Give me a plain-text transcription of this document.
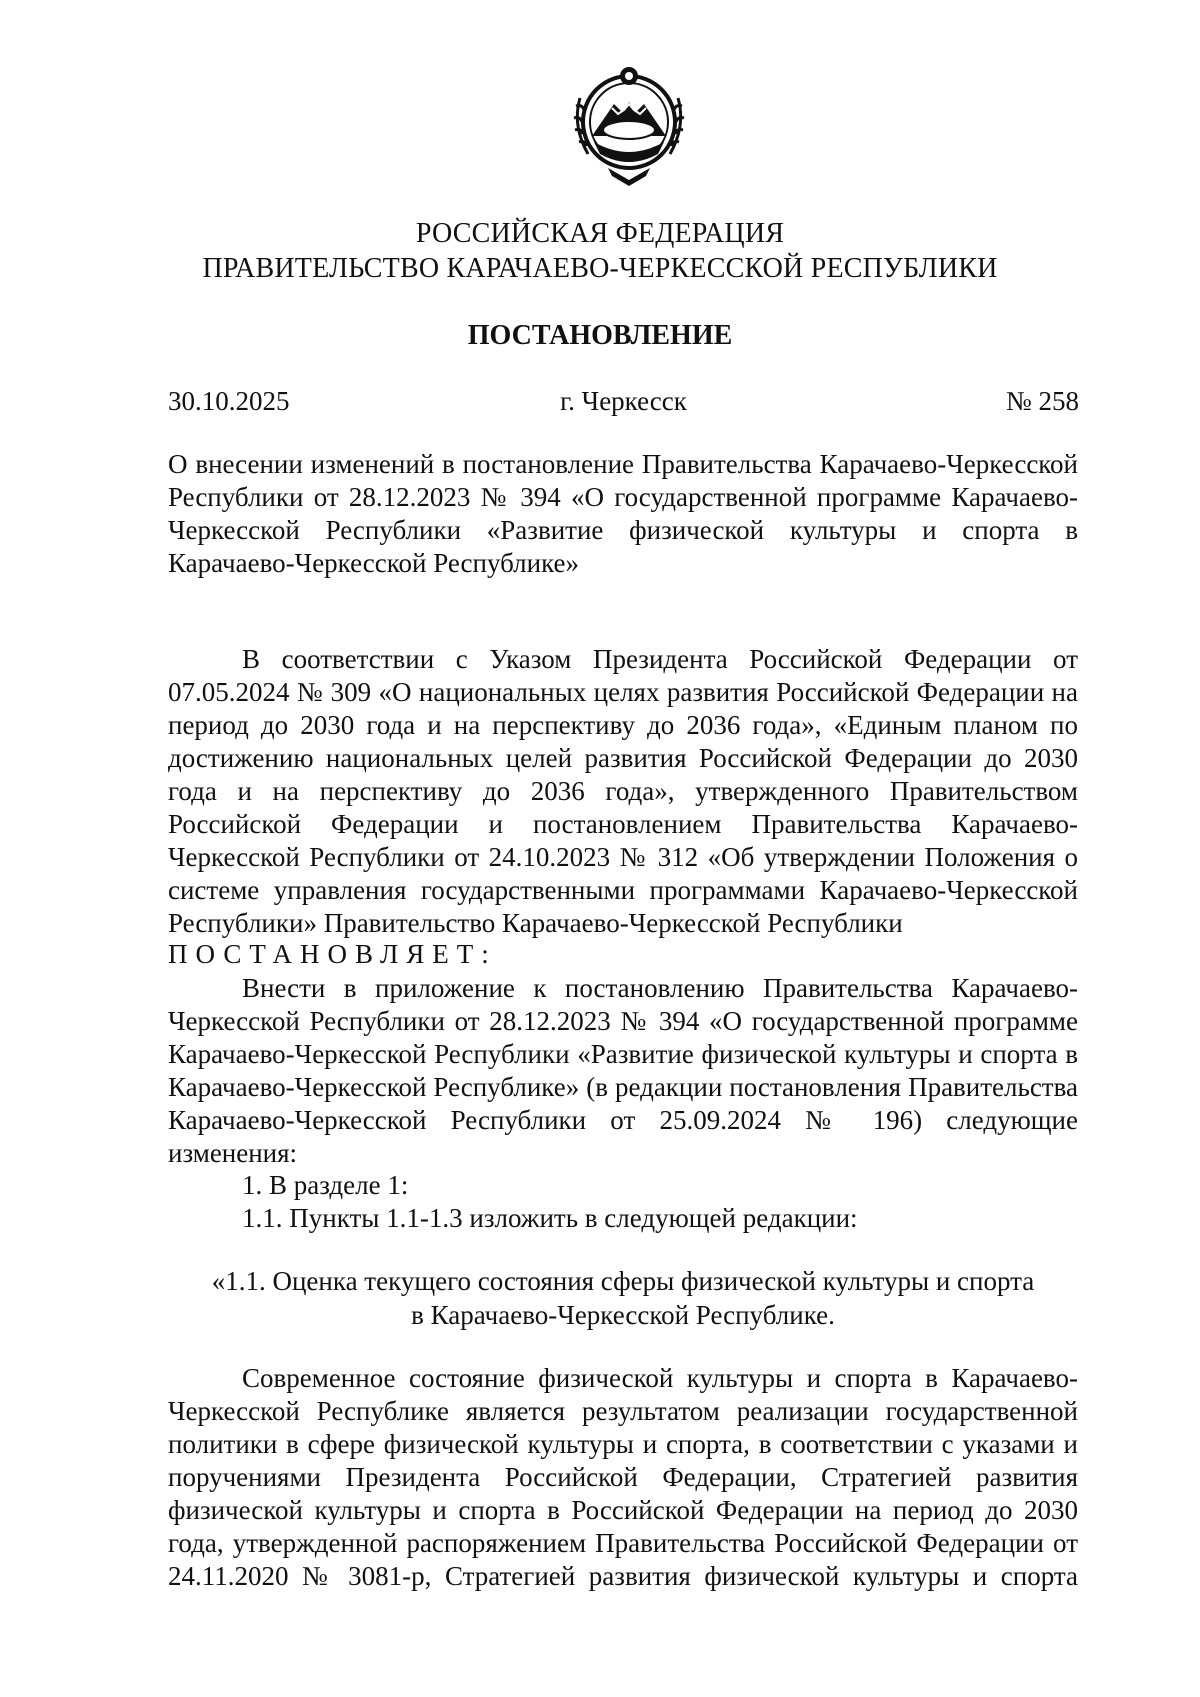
РОССИЙСКАЯ ФЕДЕРАЦИЯ
ПРАВИТЕЛЬСТВО КАРАЧАЕВО-ЧЕРКЕССКОЙ РЕСПУБЛИКИ
ПОСТАНОВЛЕНИЕ
30.10.2025	г. Черкесск	№ 258
О внесении изменений в постановление Правительства Карачаево-Черкесской Республики от 28.12.2023 № 394 «О государственной программе Карачаево-Черкесской Республики «Развитие физической культуры и спорта в Карачаево-Черкесской Республике»
В соответствии с Указом Президента Российской Федерации от 07.05.2024 № 309 «О национальных целях развития Российской Федерации на период до 2030 года и на перспективу до 2036 года», «Единым планом по достижению национальных целей развития Российской Федерации до 2030 года и на перспективу до 2036 года», утвержденного Правительством Российской Федерации и постановлением Правительства Карачаево-Черкесской Республики от 24.10.2023 № 312 «Об утверждении Положения о системе управления государственными программами Карачаево-Черкесской Республики» Правительство Карачаево-Черкесской Республики
ПОСТАНОВЛЯЕТ:
Внести в приложение к постановлению Правительства Карачаево-Черкесской Республики от 28.12.2023 № 394 «О государственной программе Карачаево-Черкесской Республики «Развитие физической культуры и спорта в Карачаево-Черкесской Республике» (в редакции постановления Правительства Карачаево-Черкесской Республики от 25.09.2024 № 196) следующие изменения:
1. В разделе 1:
1.1. Пункты 1.1-1.3 изложить в следующей редакции:
«1.1. Оценка текущего состояния сферы физической культуры и спорта
в Карачаево-Черкесской Республике.
Современное состояние физической культуры и спорта в Карачаево-Черкесской Республике является результатом реализации государственной политики в сфере физической культуры и спорта, в соответствии с указами и поручениями Президента Российской Федерации, Стратегией развития физической культуры и спорта в Российской Федерации на период до 2030 года, утвержденной распоряжением Правительства Российской Федерации от 24.11.2020 № 3081-р, Стратегией развития физической культуры и спорта
